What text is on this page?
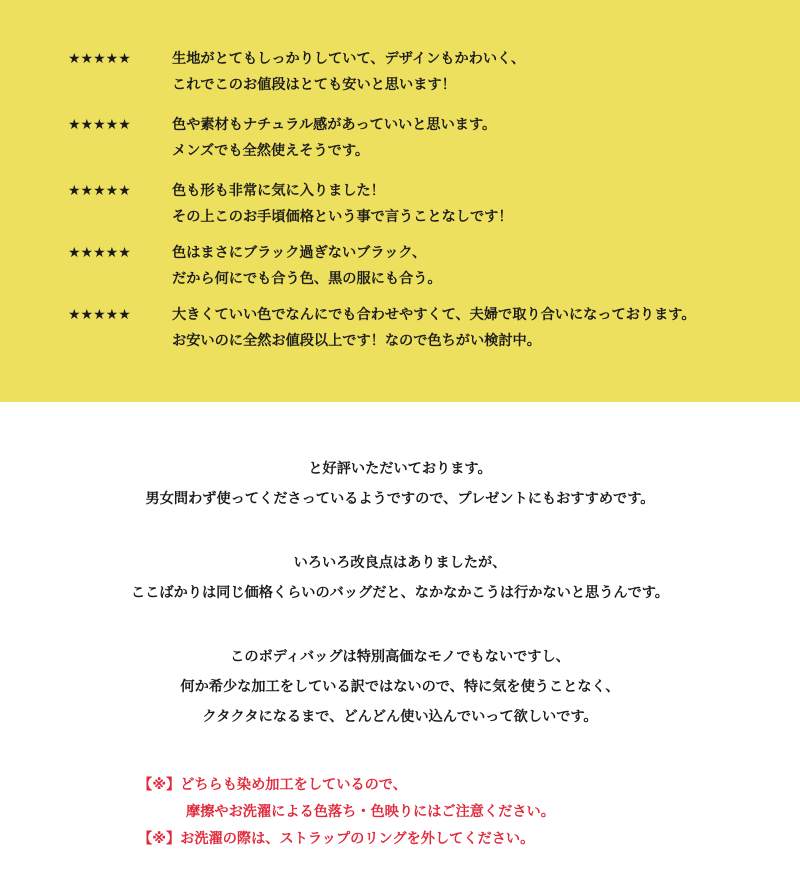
★★★★★	生地がとてもしっかりしていて、デザインもかわいく、
これでこのお値段はとても安いと思います！
★★★★★	色や素材もナチュラル感があっていいと思います。
メンズでも全然使えそうです。
★★★★★	色も形も非常に気に入りました！
その上このお手頃価格という事で言うことなしです！
★★★★★	色はまさにブラック過ぎないブラック、
だから何にでも合う色、黒の服にも合う。
★★★★★	大きくていい色でなんにでも合わせやすくて、夫婦で取り合いになっております。
お安いのに全然お値段以上です！なので色ちがい検討中。

と好評いただいております。
男女問わず使ってくださっているようですので、プレゼントにもおすすめです。

いろいろ改良点はありましたが、
ここばかりは同じ価格くらいのバッグだと、なかなかこうは行かないと思うんです。

このボディバッグは特別高価なモノでもないですし、
何か希少な加工をしている訳ではないので、特に気を使うことなく、
クタクタになるまで、どんどん使い込んでいって欲しいです。

【※】どちらも染め加工をしているので、
摩擦やお洗濯による色落ち・色映りにはご注意ください。
【※】お洗濯の際は、ストラップのリングを外してください。
